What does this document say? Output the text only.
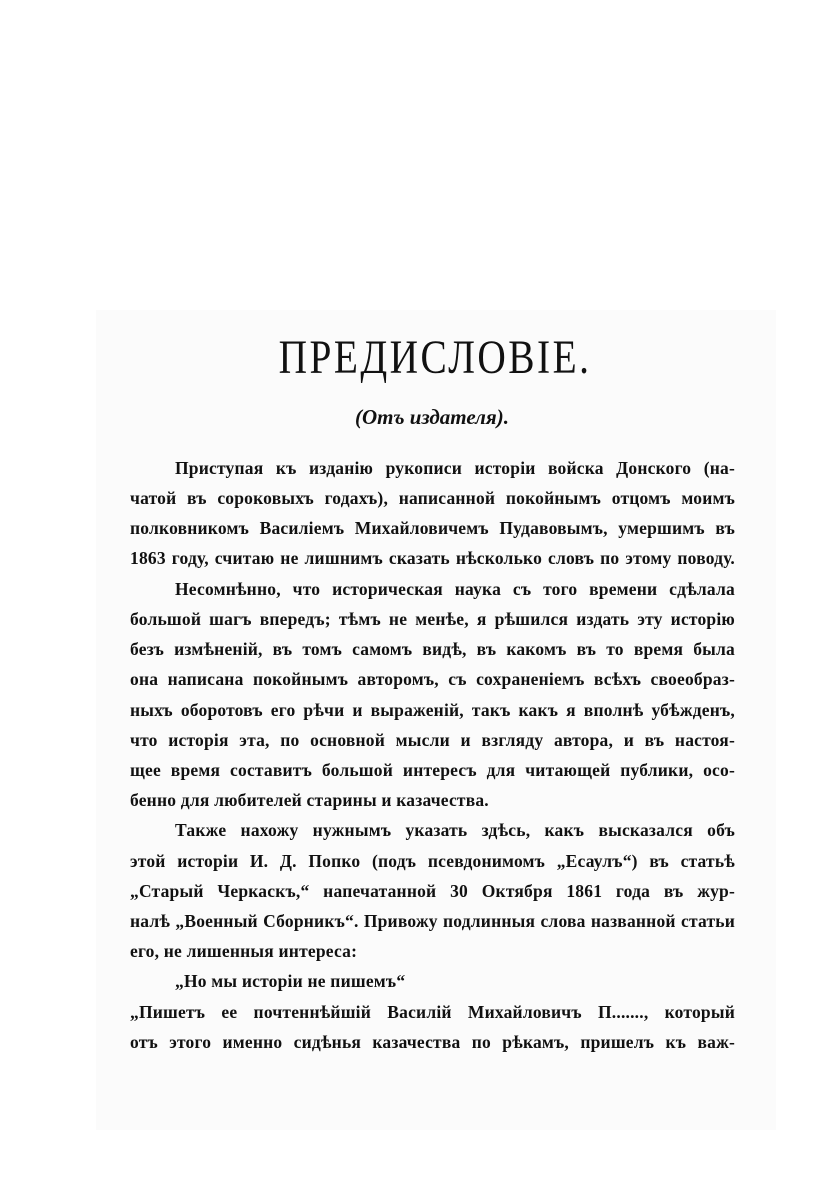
ПРЕДИСЛОВІЕ.
(Отъ издателя).
Приступая къ изданію рукописи исторіи войска Донского (на-
чатой въ сороковыхъ годахъ), написанной покойнымъ отцомъ моимъ
полковникомъ Василіемъ Михайловичемъ Пудавовымъ, умершимъ въ
1863 году, считаю не лишнимъ сказать нѣсколько словъ по этому поводу.
Несомнѣнно, что историческая наука съ того времени сдѣлала
большой шагъ впередъ; тѣмъ не менѣе, я рѣшился издать эту исторію
безъ измѣненій, въ томъ самомъ видѣ, въ какомъ въ то время была
она написана покойнымъ авторомъ, съ сохраненіемъ всѣхъ своеобраз-
ныхъ оборотовъ его рѣчи и выраженій, такъ какъ я вполнѣ убѣжденъ,
что исторія эта, по основной мысли и взгляду автора, и въ настоя-
щее время составитъ большой интересъ для читающей публики, осо-
бенно для любителей старины и казачества.
Также нахожу нужнымъ указать здѣсь, какъ высказался объ
этой исторіи И. Д. Попко (подъ псевдонимомъ „Есаулъ“) въ статьѣ
„Старый Черкаскъ,“ напечатанной 30 Октября 1861 года въ жур-
налѣ „Военный Сборникъ“. Привожу подлинныя слова названной статьи
его, не лишенныя интереса:
„Но мы исторіи не пишемъ“
„Пишетъ ее почтеннѣйшій Василій Михайловичъ П......., который
отъ этого именно сидѣнья казачества по рѣкамъ, пришелъ къ важ-
